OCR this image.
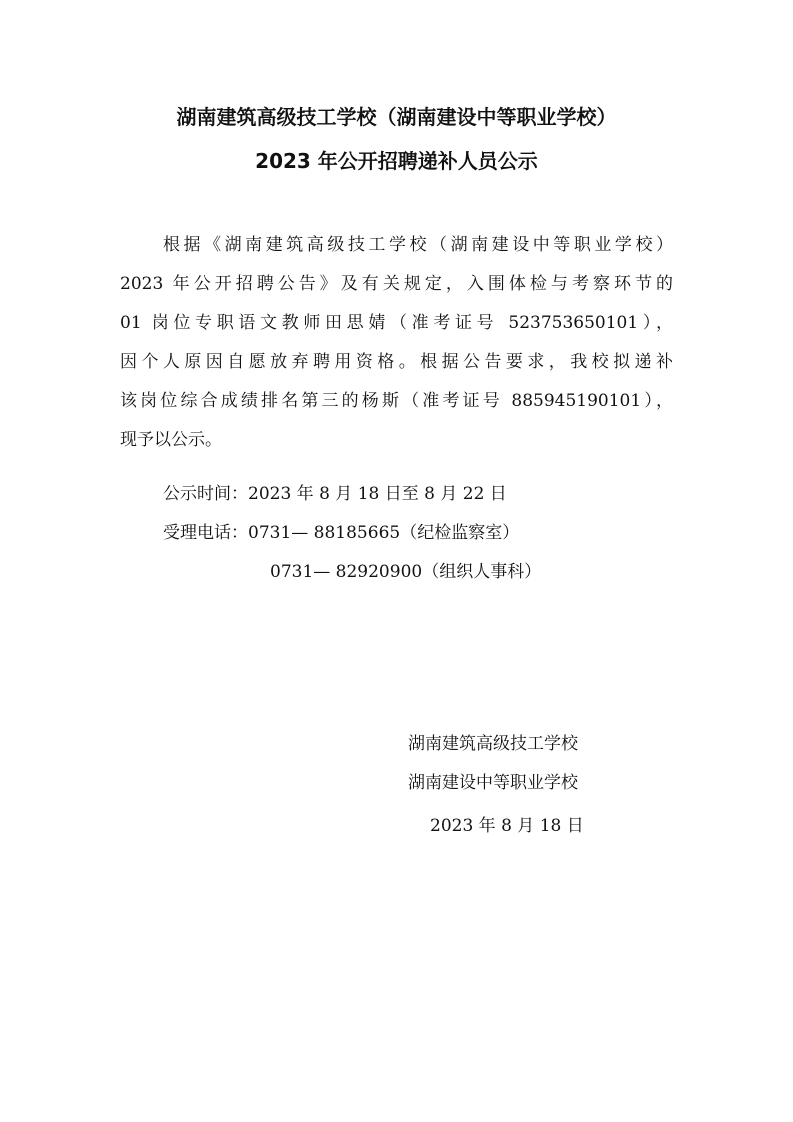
湖南建筑高级技工学校（湖南建设中等职业学校）
2023 年公开招聘递补人员公示
根据《湖南建筑高级技工学校（湖南建设中等职业学校）
2023 年公开招聘公告》及有关规定，入围体检与考察环节的
01 岗位专职语文教师田思婧（准考证号 523753650101），
因个人原因自愿放弃聘用资格。根据公告要求，我校拟递补
该岗位综合成绩排名第三的杨斯（准考证号 885945190101），
现予以公示。
公示时间：2023 年 8 月 18 日至 8 月 22 日
受理电话：0731— 88185665（纪检监察室）
0731— 82920900（组织人事科）
湖南建筑高级技工学校
湖南建设中等职业学校
2023 年 8 月 18 日
